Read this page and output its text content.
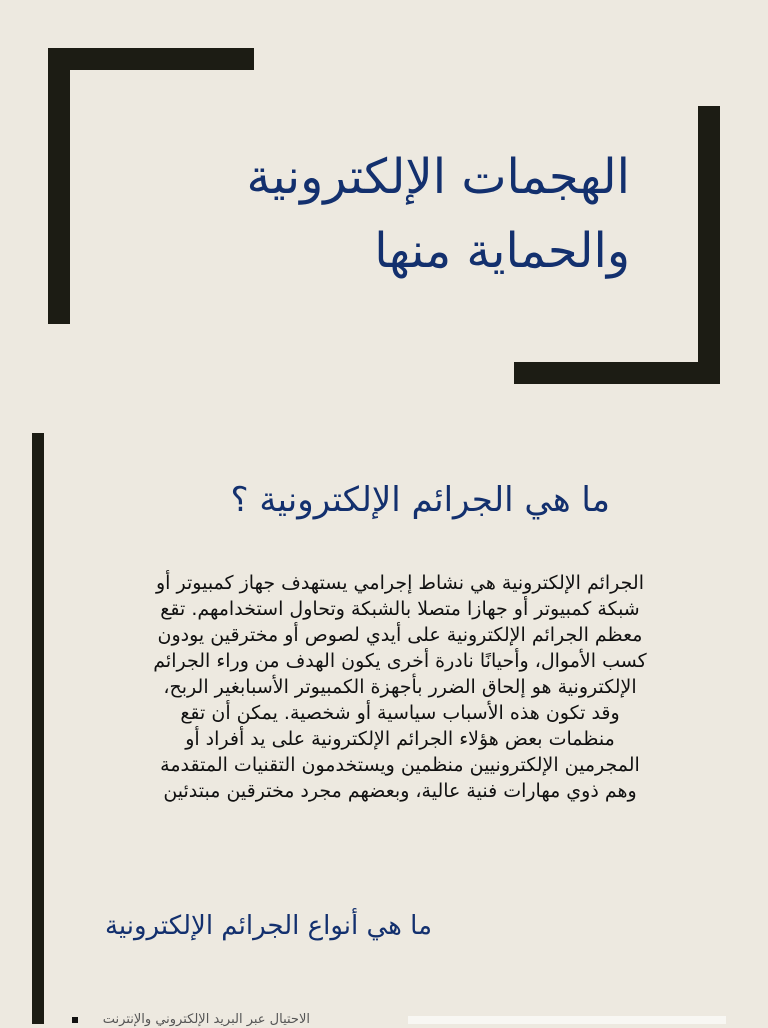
الهجمات الإلكترونية والحماية منها
ما هي الجرائم الإلكترونية ؟

الجرائم الإلكترونية هي نشاط إجرامي يستهدف جهاز كمبيوتر أو
شبكة كمبيوتر أو جهازا متصلا بالشبكة وتحاول استخدامهم. تقع
معظم الجرائم الإلكترونية على أيدي لصوص أو مخترقين يودون
كسب الأموال، وأحيانًا نادرة أخرى يكون الهدف من وراء الجرائم
الإلكترونية هو إلحاق الضرر بأجهزة الكمبيوتر الأسبابغير الربح،
وقد تكون هذه الأسباب سياسية أو شخصية. يمكن أن تقع
منظمات بعض هؤلاء الجرائم الإلكترونية على يد أفراد أو
المجرمين الإلكترونيين منظمين ويستخدمون التقنيات المتقدمة
وهم ذوي مهارات فنية عالية، وبعضهم مجرد مخترقين مبتدئين

ما هي أنواع الجرائم الإلكترونية
الاحتيال عبر البريد الإلكتروني والإنترنت
